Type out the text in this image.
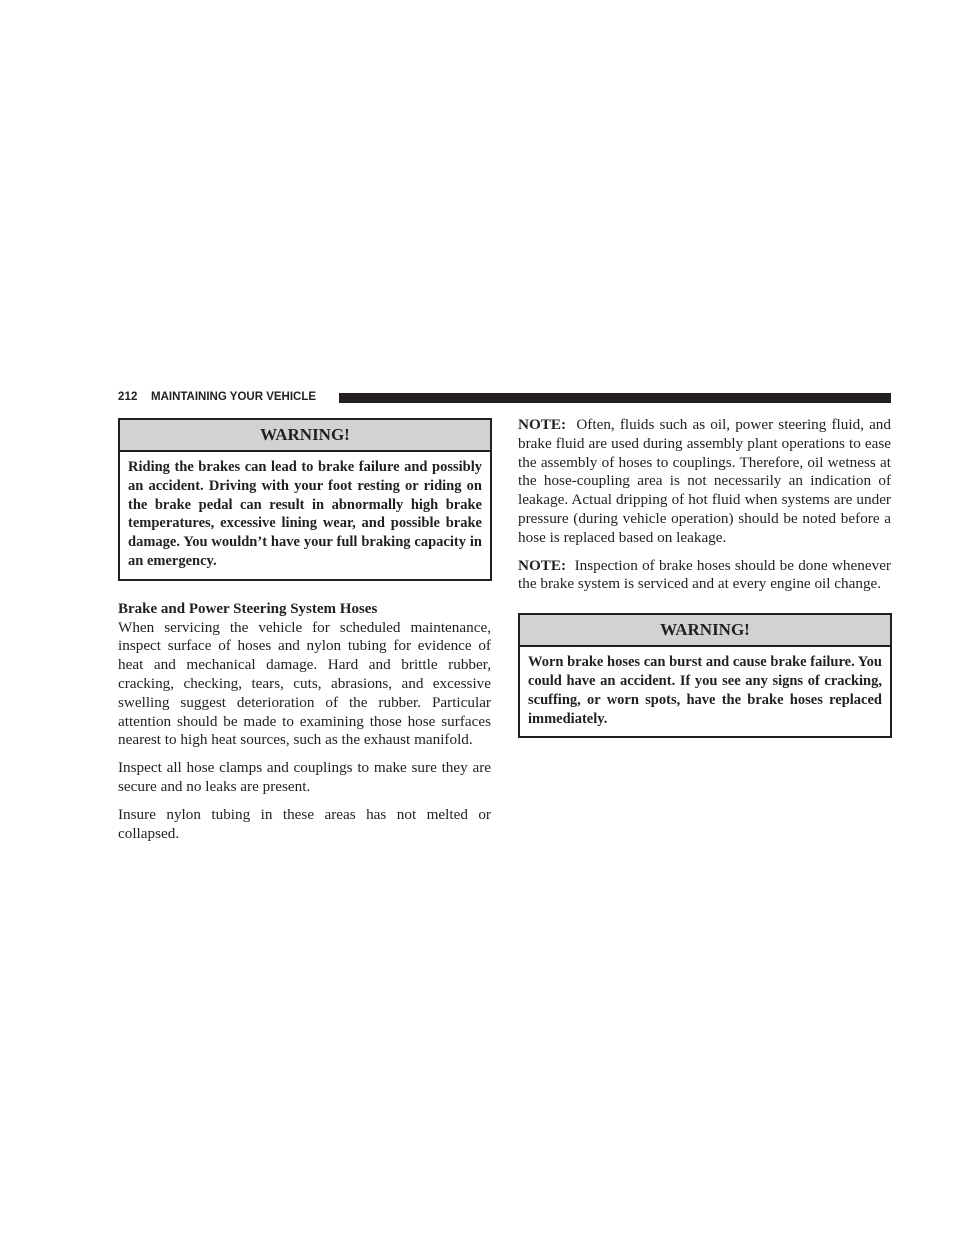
212 MAINTAINING YOUR VEHICLE
WARNING!
Riding the brakes can lead to brake failure and possibly an accident. Driving with your foot resting or riding on the brake pedal can result in abnormally high brake temperatures, excessive lining wear, and possible brake damage. You wouldn’t have your full braking capacity in an emergency.
Brake and Power Steering System Hoses

When servicing the vehicle for scheduled maintenance, inspect surface of hoses and nylon tubing for evidence of heat and mechanical damage. Hard and brittle rubber, cracking, checking, tears, cuts, abrasions, and excessive swelling suggest deterioration of the rubber. Particular attention should be made to examining those hose surfaces nearest to high heat sources, such as the exhaust manifold.

Inspect all hose clamps and couplings to make sure they are secure and no leaks are present.

Insure nylon tubing in these areas has not melted or collapsed.

NOTE: Often, fluids such as oil, power steering fluid, and brake fluid are used during assembly plant operations to ease the assembly of hoses to couplings. Therefore, oil wetness at the hose-coupling area is not necessarily an indication of leakage. Actual dripping of hot fluid when systems are under pressure (during vehicle operation) should be noted before a hose is replaced based on leakage.

NOTE: Inspection of brake hoses should be done whenever the brake system is serviced and at every engine oil change.

WARNING!
Worn brake hoses can burst and cause brake failure. You could have an accident. If you see any signs of cracking, scuffing, or worn spots, have the brake hoses replaced immediately.
